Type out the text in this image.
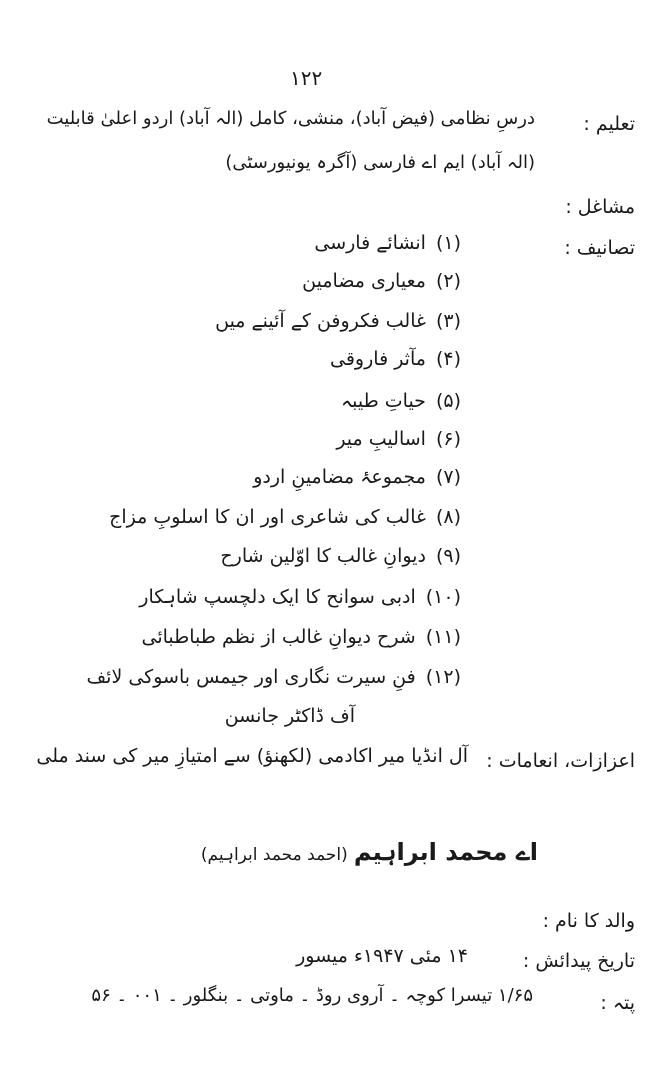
۱۲۲
تعلیم :
درسِ نظامی (فیض آباد)، منشی، کامل (الہ آباد) اردو اعلیٰ قابلیت
(الہ آباد) ایم اے فارسی (آگرہ یونیورسٹی)
مشاغل :
تصانیف :
(۱)انشائے فارسی
(۲)معیاری مضامین
(۳)غالب فکروفن کے آئینے میں
(۴)مآثر فاروقی
(۵)حیاتِ طیبہ
(۶)اسالیبِ میر
(۷)مجموعۂ مضامینِ اردو
(۸)غالب کی شاعری اور ان کا اسلوبِ مزاج
(۹)دیوانِ غالب کا اوّلین شارح
(۱۰)ادبی سوانح کا ایک دلچسپ شاہکار
(۱۱)شرح دیوانِ غالب از نظم طباطبائی
(۱۲)فنِ سیرت نگاری اور جیمس باسوکی لائف
آف ڈاکٹر جانسن
اعزازات، انعامات :
آل انڈیا میر اکادمی (لکھنؤ) سے امتیازِ میر کی سند ملی
اے محمد ابراہیم (احمد محمد ابراہیم)
والد کا نام :
تاریخ پیدائش :
۱۴ مئی ۱۹۴۷ء میسور
پتہ :
۱/۶۵ تیسرا کوچہ ۔ آروی روڈ ۔ ماوتی ۔ بنگلور ۔ ۰۰۱ ۔ ۵۶
